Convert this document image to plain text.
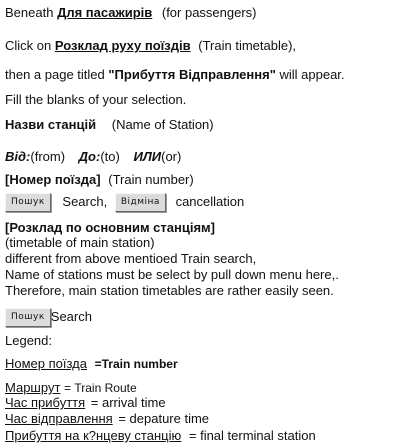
Beneath Для пасажирів (for passengers)
Click on Розклад руху поїздів (Train timetable),
then a page titled "Прибуття Відправлення" will appear.
Fill the blanks of your selection.
Назви станцій (Name of Station)
Від:(from) До:(to) ИЛИ(or)
[Номер поїзда] (Train number)
Пошук Search, Відміна cancellation
[Розклад по основним станціям]
(timetable of main station)
different from above mentioed Train search,
Name of stations must be select by pull down menu here,.
Therefore, main station timetables are rather easily seen.
Пошук Search
Legend:
Номер поїзда =Train number
Маршрут = Train Route
Час прибуття = arrival time
Час відправлення = depature time
Прибуття на к?нцеву станцію = final terminal station
